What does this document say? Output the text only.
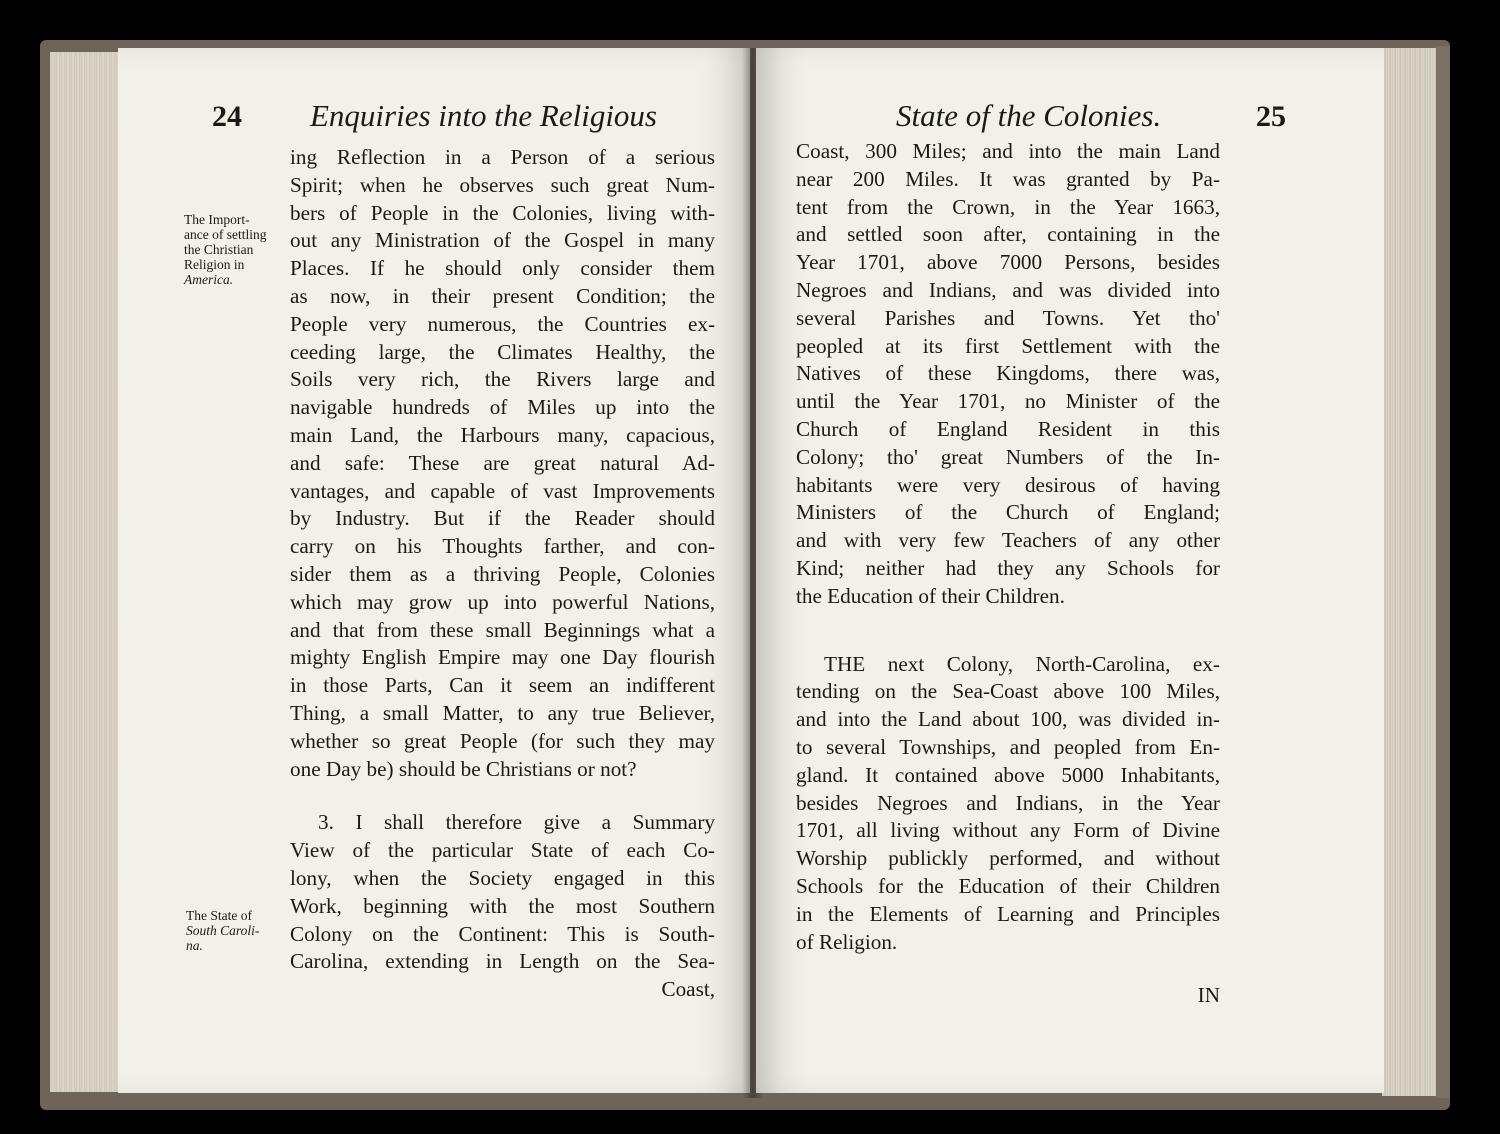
24 Enquiries into the Religious
The Import-
ance of settling
the Christian
Religion in
America.
The State of
South Caroli-
na.
ing Reflection in a Person of a serious
Spirit; when he observes such great Num-
bers of People in the Colonies, living with-
out any Ministration of the Gospel in many
Places. If he should only consider them
as now, in their present Condition; the
People very numerous, the Countries ex-
ceeding large, the Climates Healthy, the
Soils very rich, the Rivers large and
navigable hundreds of Miles up into the
main Land, the Harbours many, capacious,
and safe: These are great natural Ad-
vantages, and capable of vast Improvements
by Industry. But if the Reader should
carry on his Thoughts farther, and con-
sider them as a thriving People, Colonies
which may grow up into powerful Nations,
and that from these small Beginnings what a
mighty English Empire may one Day flourish
in those Parts, Can it seem an indifferent
Thing, a small Matter, to any true Believer,
whether so great People (for such they may
one Day be) should be Christians or not?
3. I shall therefore give a Summary
View of the particular State of each Co-
lony, when the Society engaged in this
Work, beginning with the most Southern
Colony on the Continent: This is South-
Carolina, extending in Length on the Sea-
Coast,
State of the Colonies.	25
Coast, 300 Miles; and into the main Land
near 200 Miles. It was granted by Pa-
tent from the Crown, in the Year 1663,
and settled soon after, containing in the
Year 1701, above 7000 Persons, besides
Negroes and Indians, and was divided into
several Parishes and Towns. Yet tho'
peopled at its first Settlement with the
Natives of these Kingdoms, there was,
until the Year 1701, no Minister of the
Church of England Resident in this
Colony; tho' great Numbers of the In-
habitants were very desirous of having
Ministers of the Church of England;
and with very few Teachers of any other
Kind; neither had they any Schools for
the Education of their Children.
THE next Colony, North-Carolina, ex-
tending on the Sea-Coast above 100 Miles,
and into the Land about 100, was divided in-
to several Townships, and peopled from En-
gland. It contained above 5000 Inhabitants,
besides Negroes and Indians, in the Year
1701, all living without any Form of Divine
Worship publickly performed, and without
Schools for the Education of their Children
in the Elements of Learning and Principles
of Religion.
IN
